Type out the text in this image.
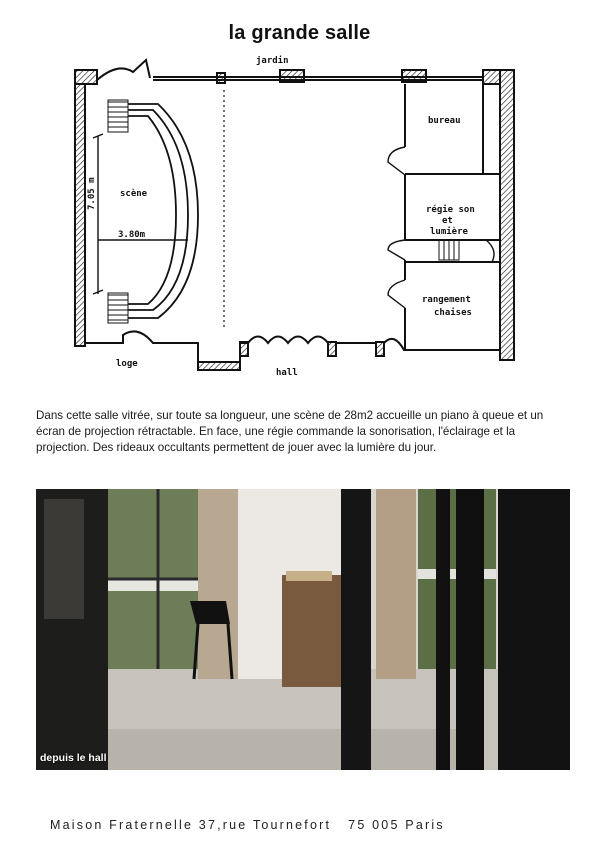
la grande salle
jardin
bureau
scène
7.05 m
3.80m
régie son
et
lumière
rangement
chaises
loge
hall

Dans cette salle vitrée, sur toute sa longueur, une scène de 28m2 accueille un piano à queue et un écran de projection rétractable. En face, une régie commande la sonorisation, l'éclairage et la projection. Des rideaux occultants permettent de jouer avec la lumière du jour.

depuis le hall
Maison Fraternelle 37,rue Tournefort   75 005 Paris
